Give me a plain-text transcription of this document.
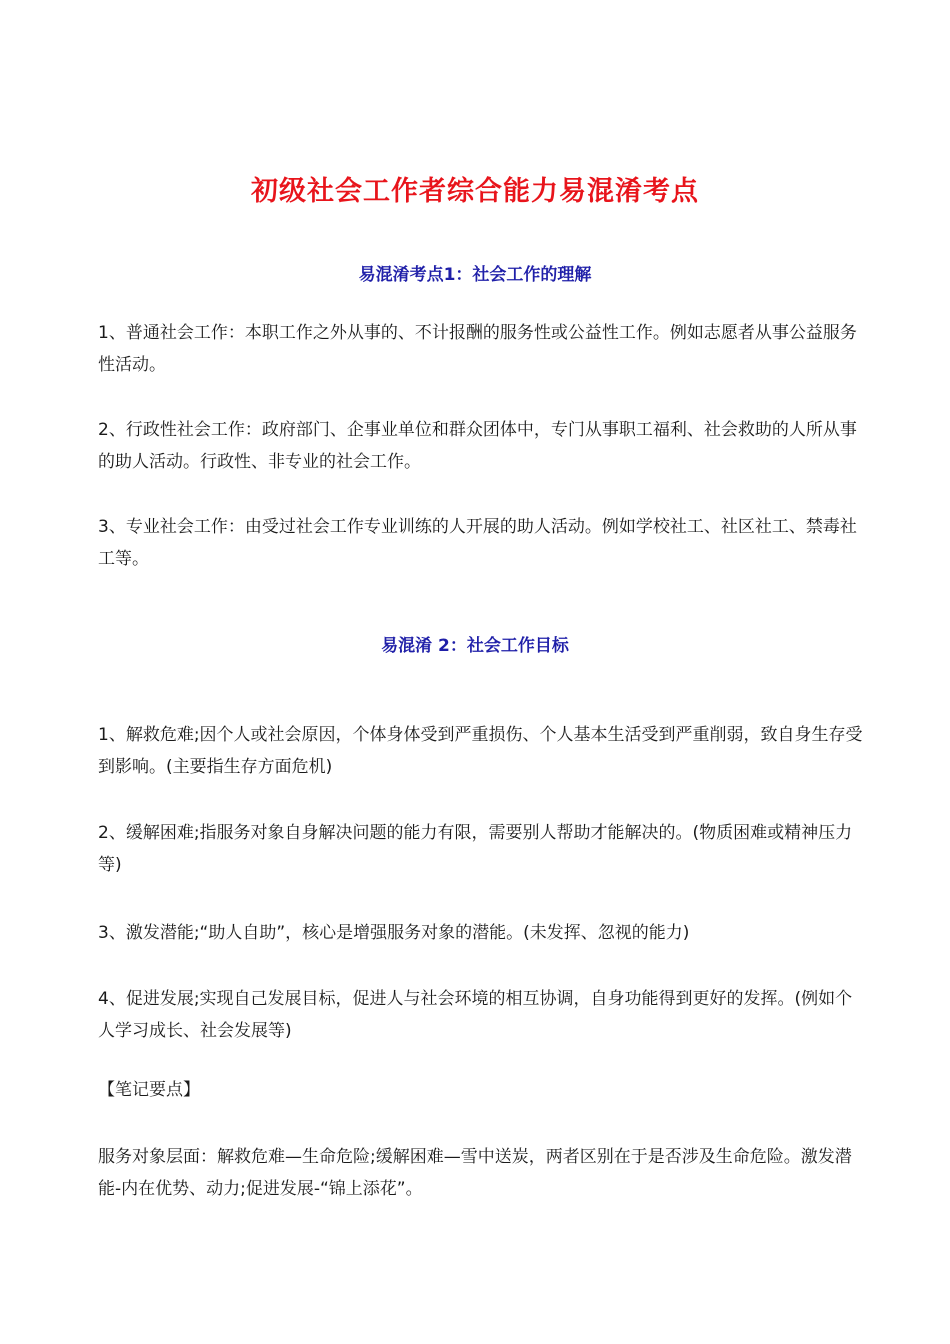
初级社会工作者综合能力易混淆考点
易混淆考点1：社会工作的理解
1、普通社会工作：本职工作之外从事的、不计报酬的服务性或公益性工作。例如志愿者从事公益服务性活动。
2、行政性社会工作：政府部门、企事业单位和群众团体中，专门从事职工福利、社会救助的人所从事的助人活动。行政性、非专业的社会工作。
3、专业社会工作：由受过社会工作专业训练的人开展的助人活动。例如学校社工、社区社工、禁毒社工等。
易混淆 2：社会工作目标
1、解救危难;因个人或社会原因，个体身体受到严重损伤、个人基本生活受到严重削弱，致自身生存受到影响。(主要指生存方面危机)
2、缓解困难;指服务对象自身解决问题的能力有限，需要别人帮助才能解决的。(物质困难或精神压力等)
3、激发潜能;“助人自助”，核心是增强服务对象的潜能。(未发挥、忽视的能力)
4、促进发展;实现自己发展目标，促进人与社会环境的相互协调，自身功能得到更好的发挥。(例如个人学习成长、社会发展等)
【笔记要点】
服务对象层面：解救危难—生命危险;缓解困难—雪中送炭，两者区别在于是否涉及生命危险。激发潜能-内在优势、动力;促进发展-“锦上添花”。
